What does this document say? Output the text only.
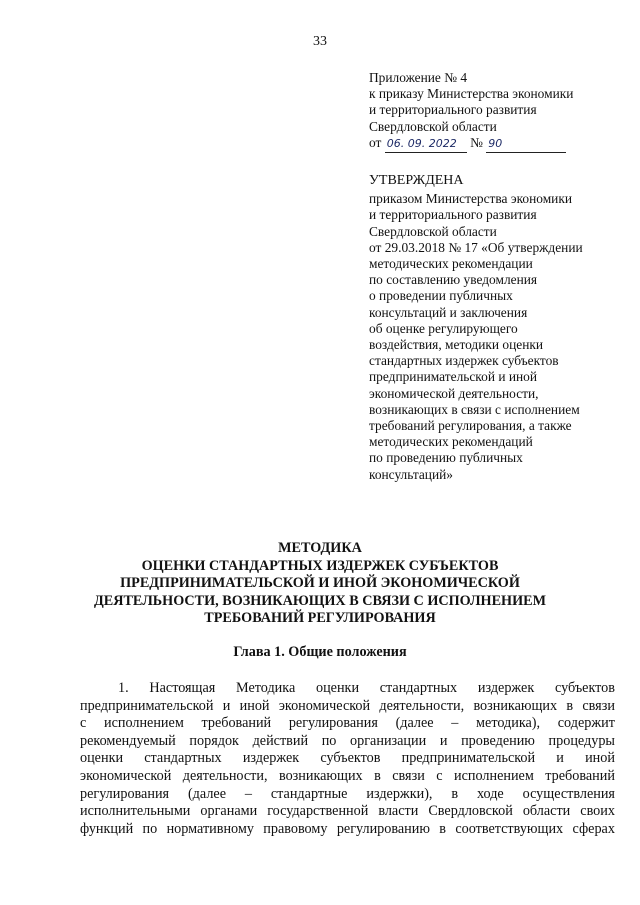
33
Приложение № 4
к приказу Министерства экономики
и территориального развития
Свердловской области
от 06. 09. 2022 № 90
УТВЕРЖДЕНА
приказом Министерства экономики
и территориального развития
Свердловской области
от 29.03.2018 № 17 «Об утверждении
методических рекомендации
по составлению уведомления
о проведении публичных
консультаций и заключения
об оценке регулирующего
воздействия, методики оценки
стандартных издержек субъектов
предпринимательской и иной
экономической деятельности,
возникающих в связи с исполнением
требований регулирования, а также
методических рекомендаций
по проведению публичных
консультаций»
МЕТОДИКА
ОЦЕНКИ СТАНДАРТНЫХ ИЗДЕРЖЕК СУБЪЕКТОВ
ПРЕДПРИНИМАТЕЛЬСКОЙ И ИНОЙ ЭКОНОМИЧЕСКОЙ
ДЕЯТЕЛЬНОСТИ, ВОЗНИКАЮЩИХ В СВЯЗИ С ИСПОЛНЕНИЕМ
ТРЕБОВАНИЙ РЕГУЛИРОВАНИЯ
Глава 1. Общие положения
1. Настоящая Методика оценки стандартных издержек субъектов
предпринимательской и иной экономической деятельности, возникающих в связи
с исполнением требований регулирования (далее – методика), содержит
рекомендуемый порядок действий по организации и проведению процедуры
оценки стандартных издержек субъектов предпринимательской и иной
экономической деятельности, возникающих в связи с исполнением требований
регулирования (далее – стандартные издержки), в ходе осуществления
исполнительными органами государственной власти Свердловской области своих
функций по нормативному правовому регулированию в соответствующих сферах
